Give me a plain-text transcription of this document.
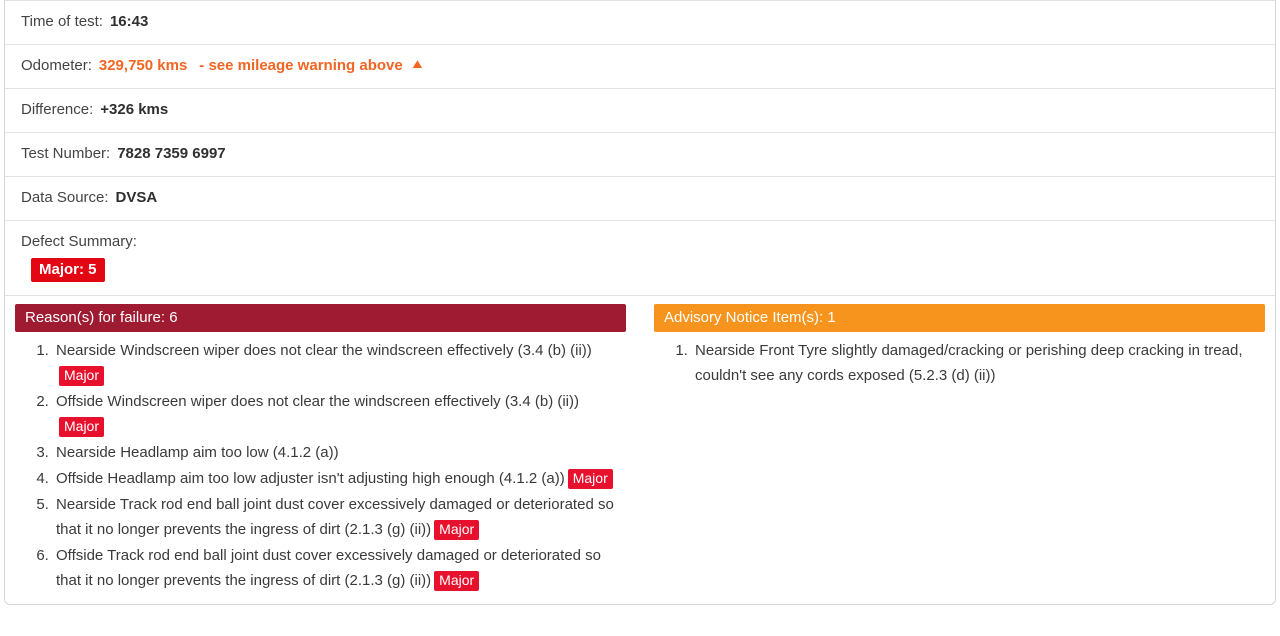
Time of test: 16:43
Odometer: 329,750 kms - see mileage warning above ▲
Difference: +326 kms
Test Number: 7828 7359 6997
Data Source: DVSA
Defect Summary:
Major: 5
Reason(s) for failure: 6
1. Nearside Windscreen wiper does not clear the windscreen effectively (3.4 (b) (ii))Major
2. Offside Windscreen wiper does not clear the windscreen effectively (3.4 (b) (ii))Major
3. Nearside Headlamp aim too low (4.1.2 (a))
4. Offside Headlamp aim too low adjuster isn't adjusting high enough (4.1.2 (a)) Major
5. Nearside Track rod end ball joint dust cover excessively damaged or deteriorated so that it no longer prevents the ingress of dirt (2.1.3 (g) (ii)) Major
6. Offside Track rod end ball joint dust cover excessively damaged or deteriorated so that it no longer prevents the ingress of dirt (2.1.3 (g) (ii)) Major
Advisory Notice Item(s): 1
1. Nearside Front Tyre slightly damaged/cracking or perishing deep cracking in tread, couldn't see any cords exposed (5.2.3 (d) (ii))
